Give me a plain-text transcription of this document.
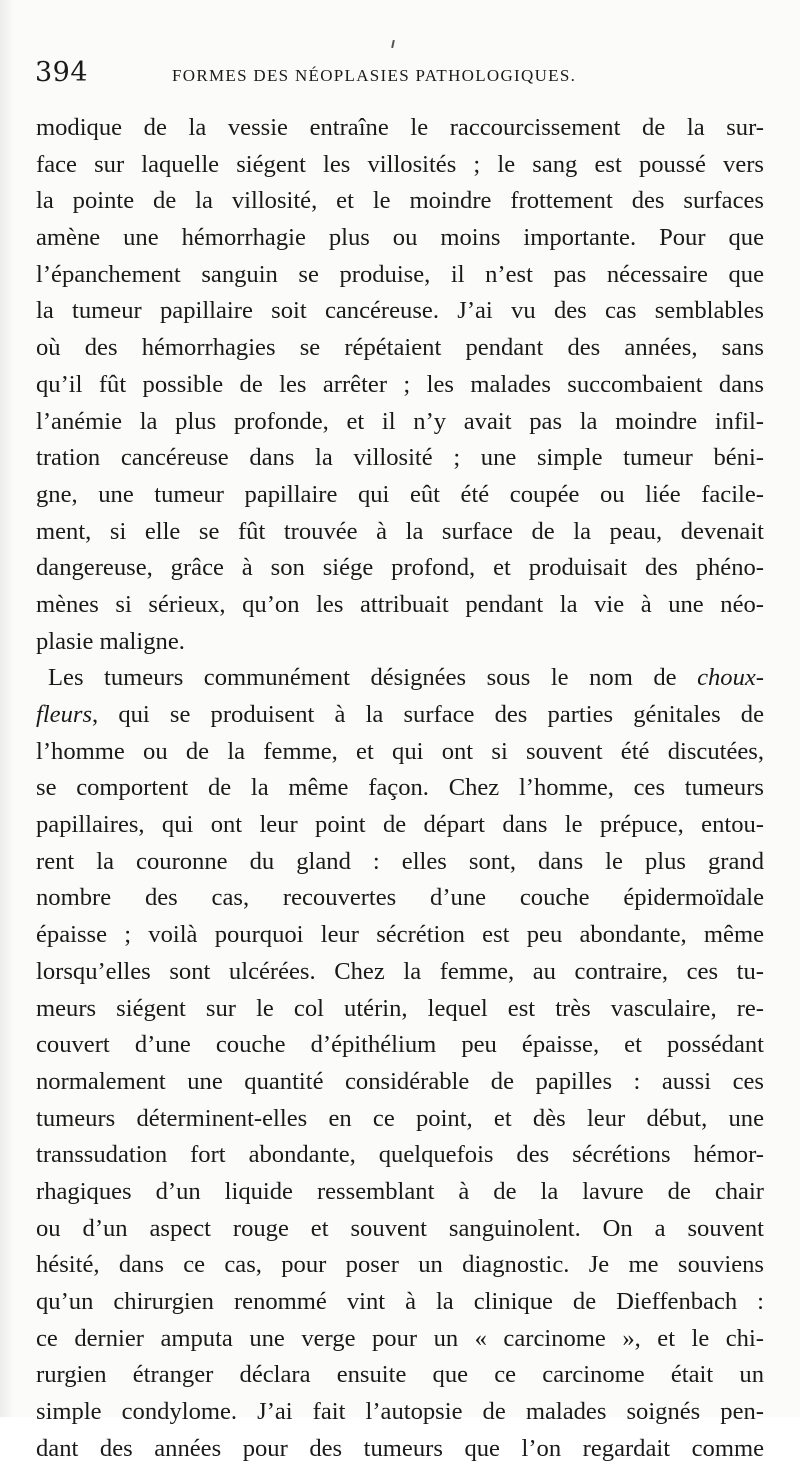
394	FORMES DES NÉOPLASIES PATHOLOGIQUES.
modique de la vessie entraîne le raccourcissement de la sur-
face sur laquelle siégent les villosités ; le sang est poussé vers
la pointe de la villosité, et le moindre frottement des surfaces
amène une hémorrhagie plus ou moins importante. Pour que
l’épanchement sanguin se produise, il n’est pas nécessaire que
la tumeur papillaire soit cancéreuse. J’ai vu des cas semblables
où des hémorrhagies se répétaient pendant des années, sans
qu’il fût possible de les arrêter ; les malades succombaient dans
l’anémie la plus profonde, et il n’y avait pas la moindre infil-
tration cancéreuse dans la villosité ; une simple tumeur béni-
gne, une tumeur papillaire qui eût été coupée ou liée facile-
ment, si elle se fût trouvée à la surface de la peau, devenait
dangereuse, grâce à son siége profond, et produisait des phéno-
mènes si sérieux, qu’on les attribuait pendant la vie à une néo-
plasie maligne.
Les tumeurs communément désignées sous le nom de choux-
fleurs, qui se produisent à la surface des parties génitales de
l’homme ou de la femme, et qui ont si souvent été discutées,
se comportent de la même façon. Chez l’homme, ces tumeurs
papillaires, qui ont leur point de départ dans le prépuce, entou-
rent la couronne du gland : elles sont, dans le plus grand
nombre des cas, recouvertes d’une couche épidermoïdale
épaisse ; voilà pourquoi leur sécrétion est peu abondante, même
lorsqu’elles sont ulcérées. Chez la femme, au contraire, ces tu-
meurs siégent sur le col utérin, lequel est très vasculaire, re-
couvert d’une couche d’épithélium peu épaisse, et possédant
normalement une quantité considérable de papilles : aussi ces
tumeurs déterminent-elles en ce point, et dès leur début, une
transsudation fort abondante, quelquefois des sécrétions hémor-
rhagiques d’un liquide ressemblant à de la lavure de chair
ou d’un aspect rouge et souvent sanguinolent. On a souvent
hésité, dans ce cas, pour poser un diagnostic. Je me souviens
qu’un chirurgien renommé vint à la clinique de Dieffenbach :
ce dernier amputa une verge pour un « carcinome », et le chi-
rurgien étranger déclara ensuite que ce carcinome était un
simple condylome. J’ai fait l’autopsie de malades soignés pen-
dant des années pour des tumeurs que l’on regardait comme
